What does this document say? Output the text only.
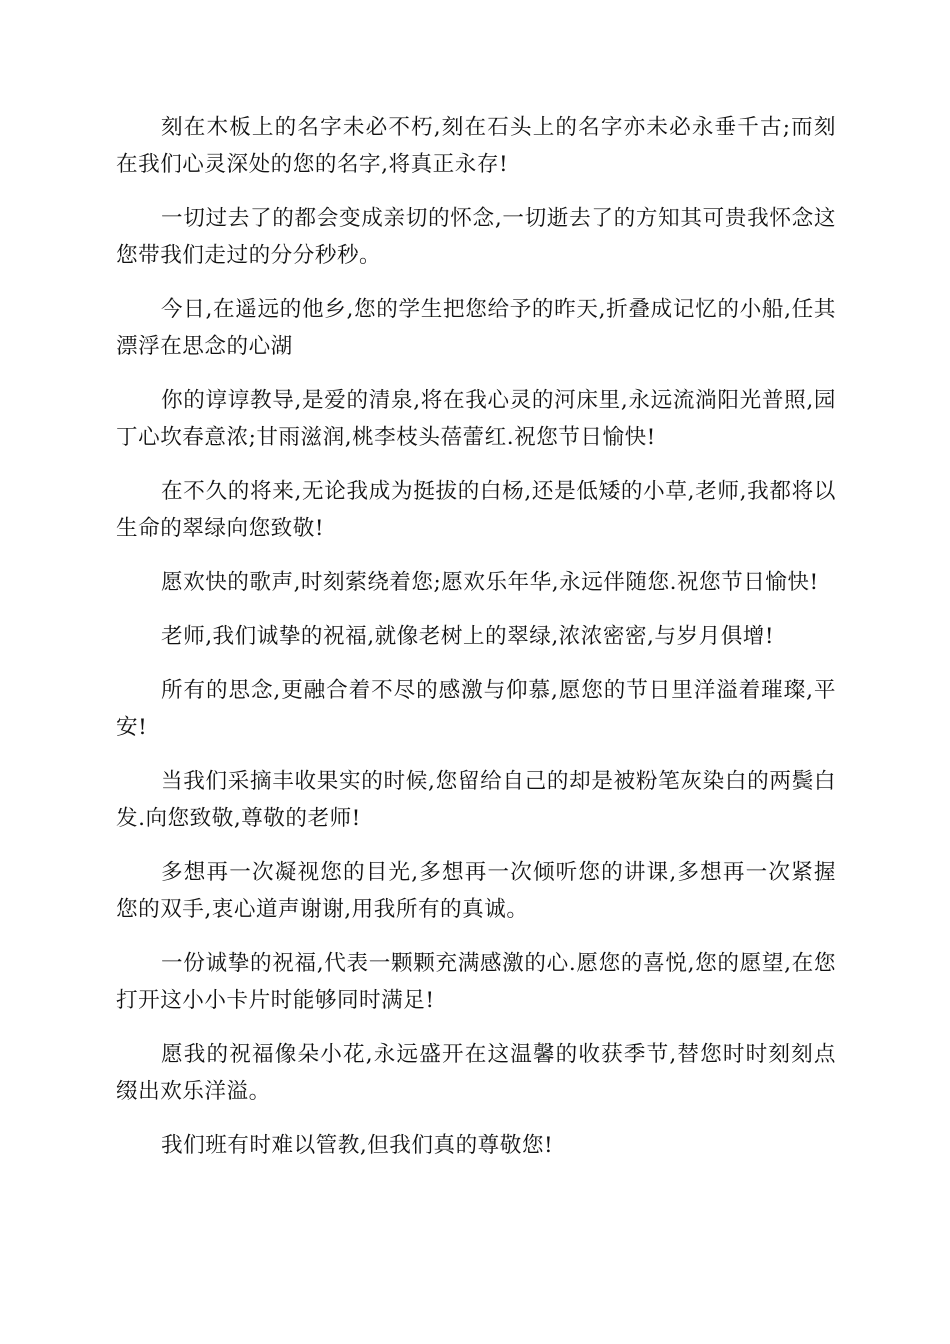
刻在木板上的名字未必不朽,刻在石头上的名字亦未必永垂千古;而刻在我们心灵深处的您的名字,将真正永存!

一切过去了的都会变成亲切的怀念,一切逝去了的方知其可贵我怀念这您带我们走过的分分秒秒。

今日,在遥远的他乡,您的学生把您给予的昨天,折叠成记忆的小船,任其漂浮在思念的心湖

你的谆谆教导,是爱的清泉,将在我心灵的河床里,永远流淌阳光普照,园丁心坎春意浓;甘雨滋润,桃李枝头蓓蕾红.祝您节日愉快!

在不久的将来,无论我成为挺拔的白杨,还是低矮的小草,老师,我都将以生命的翠绿向您致敬!

愿欢快的歌声,时刻萦绕着您;愿欢乐年华,永远伴随您.祝您节日愉快!

老师,我们诚挚的祝福,就像老树上的翠绿,浓浓密密,与岁月俱增!

所有的思念,更融合着不尽的感激与仰慕,愿您的节日里洋溢着璀璨,平安!

当我们采摘丰收果实的时候,您留给自己的却是被粉笔灰染白的两鬓白发.向您致敬,尊敬的老师!

多想再一次凝视您的目光,多想再一次倾听您的讲课,多想再一次紧握您的双手,衷心道声谢谢,用我所有的真诚。

一份诚挚的祝福,代表一颗颗充满感激的心.愿您的喜悦,您的愿望,在您打开这小小卡片时能够同时满足!

愿我的祝福像朵小花,永远盛开在这温馨的收获季节,替您时时刻刻点缀出欢乐洋溢。

我们班有时难以管教,但我们真的尊敬您!
